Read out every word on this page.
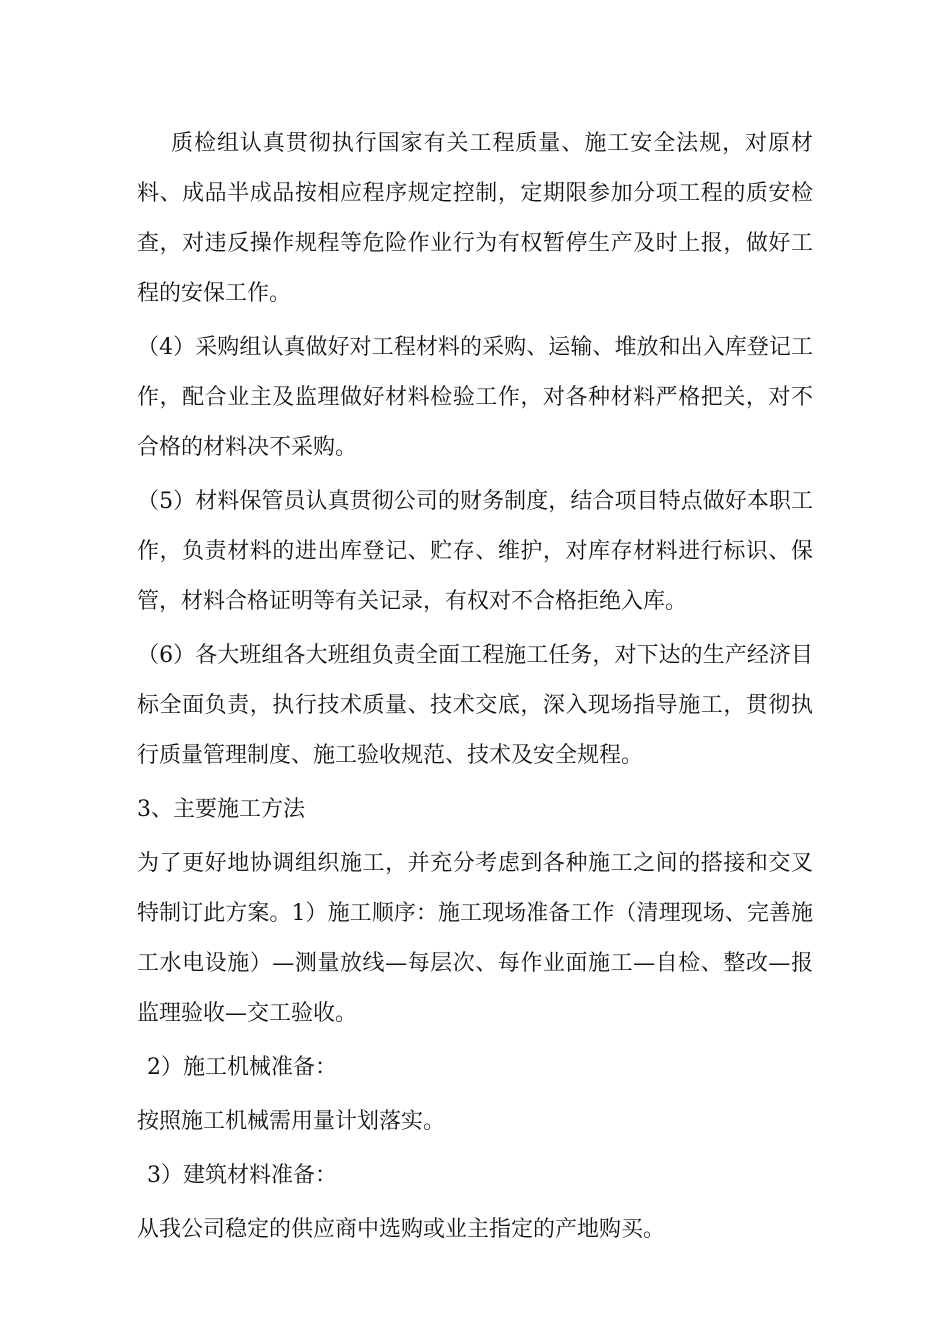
质检组认真贯彻执行国家有关工程质量、施工安全法规，对原材料、成品半成品按相应程序规定控制，定期限参加分项工程的质安检查，对违反操作规程等危险作业行为有权暂停生产及时上报，做好工程的安保工作。

（4）采购组认真做好对工程材料的采购、运输、堆放和出入库登记工作，配合业主及监理做好材料检验工作，对各种材料严格把关，对不合格的材料决不采购。

（5）材料保管员认真贯彻公司的财务制度，结合项目特点做好本职工作，负责材料的进出库登记、贮存、维护，对库存材料进行标识、保管，材料合格证明等有关记录，有权对不合格拒绝入库。

（6）各大班组各大班组负责全面工程施工任务，对下达的生产经济目标全面负责，执行技术质量、技术交底，深入现场指导施工，贯彻执行质量管理制度、施工验收规范、技术及安全规程。

3、主要施工方法

为了更好地协调组织施工，并充分考虑到各种施工之间的搭接和交叉特制订此方案。1）施工顺序：施工现场准备工作（清理现场、完善施工水电设施）—测量放线—每层次、每作业面施工—自检、整改—报监理验收—交工验收。

2）施工机械准备：

按照施工机械需用量计划落实。

3）建筑材料准备：

从我公司稳定的供应商中选购或业主指定的产地购买。
